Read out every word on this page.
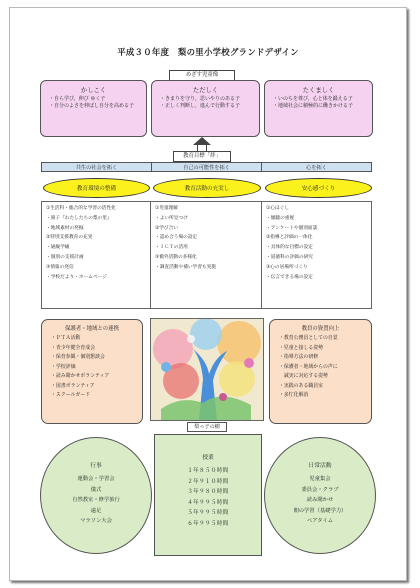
平成３０年度　梨の里小学校グランドデザイン
めざす児童像
かしこく
・自ら学び，伸び ゆく子
・自分のよさを伸ばし自分を高める子
ただしく
・きまりを守り，思いやりのある子
・正しく判断し，進んで行動する子
たくましく
・いのちを尊び，心と体を鍛える子
・地域社会に積極的に働きかける子
教育目標「絆」
共生の社会を拓く	自己の可能性を拓く	心を拓く
教育環境の整備	教育活動の充実し	安心感づくり
①生活科・総合的な学習の活性化
・冊子『わたしたちの梨の里』
・地域素材の発掘
②特別支援教育の充実
・通級学級
・個別の支援計画
③情報の発信
・学校だより・ホームページ
①児童理解
・よい所見つけ
②学び合い
・認め合う場の設定
・ＩＣＴの活用
③微外活動の多様化
・調査活動や補い学習も実施
①心ほぐし
・傾聴の重視
・アンケートや個別面談
②指導と評価の一体化
・具体的な目標の設定
・道徳科の評価の研究
③心の居場所づくり
・伝言できる場の設定
保護者・地域との連携
・ＰＴＡ活動
・青少年健全育成会
・保育参観・個別懇談会
・学校評価
・読み聞かせボランティア
・図書ボランティア
・スクールガード
梨っ子の樹
教員の資質向上
・教育公務員としての自覚
・児童と接しる姿勢
・指導方法の研修
・保護者・地域からの声に
　誠実に対応する姿勢
・実践のある職員室
・多忙化解消
行事
運動会・学習会
儀式
自然教室・修学旅行
遠足
マラソン大会
授業
１年８５０時間
２年９１０時間
３年９８０時間
４年９９５時間
５年９９５時間
６年９９５時間
日常活動
児童集会
委員会・クラブ
読み聞かせ
朝の学習（基礎学力）
ペアタイム
